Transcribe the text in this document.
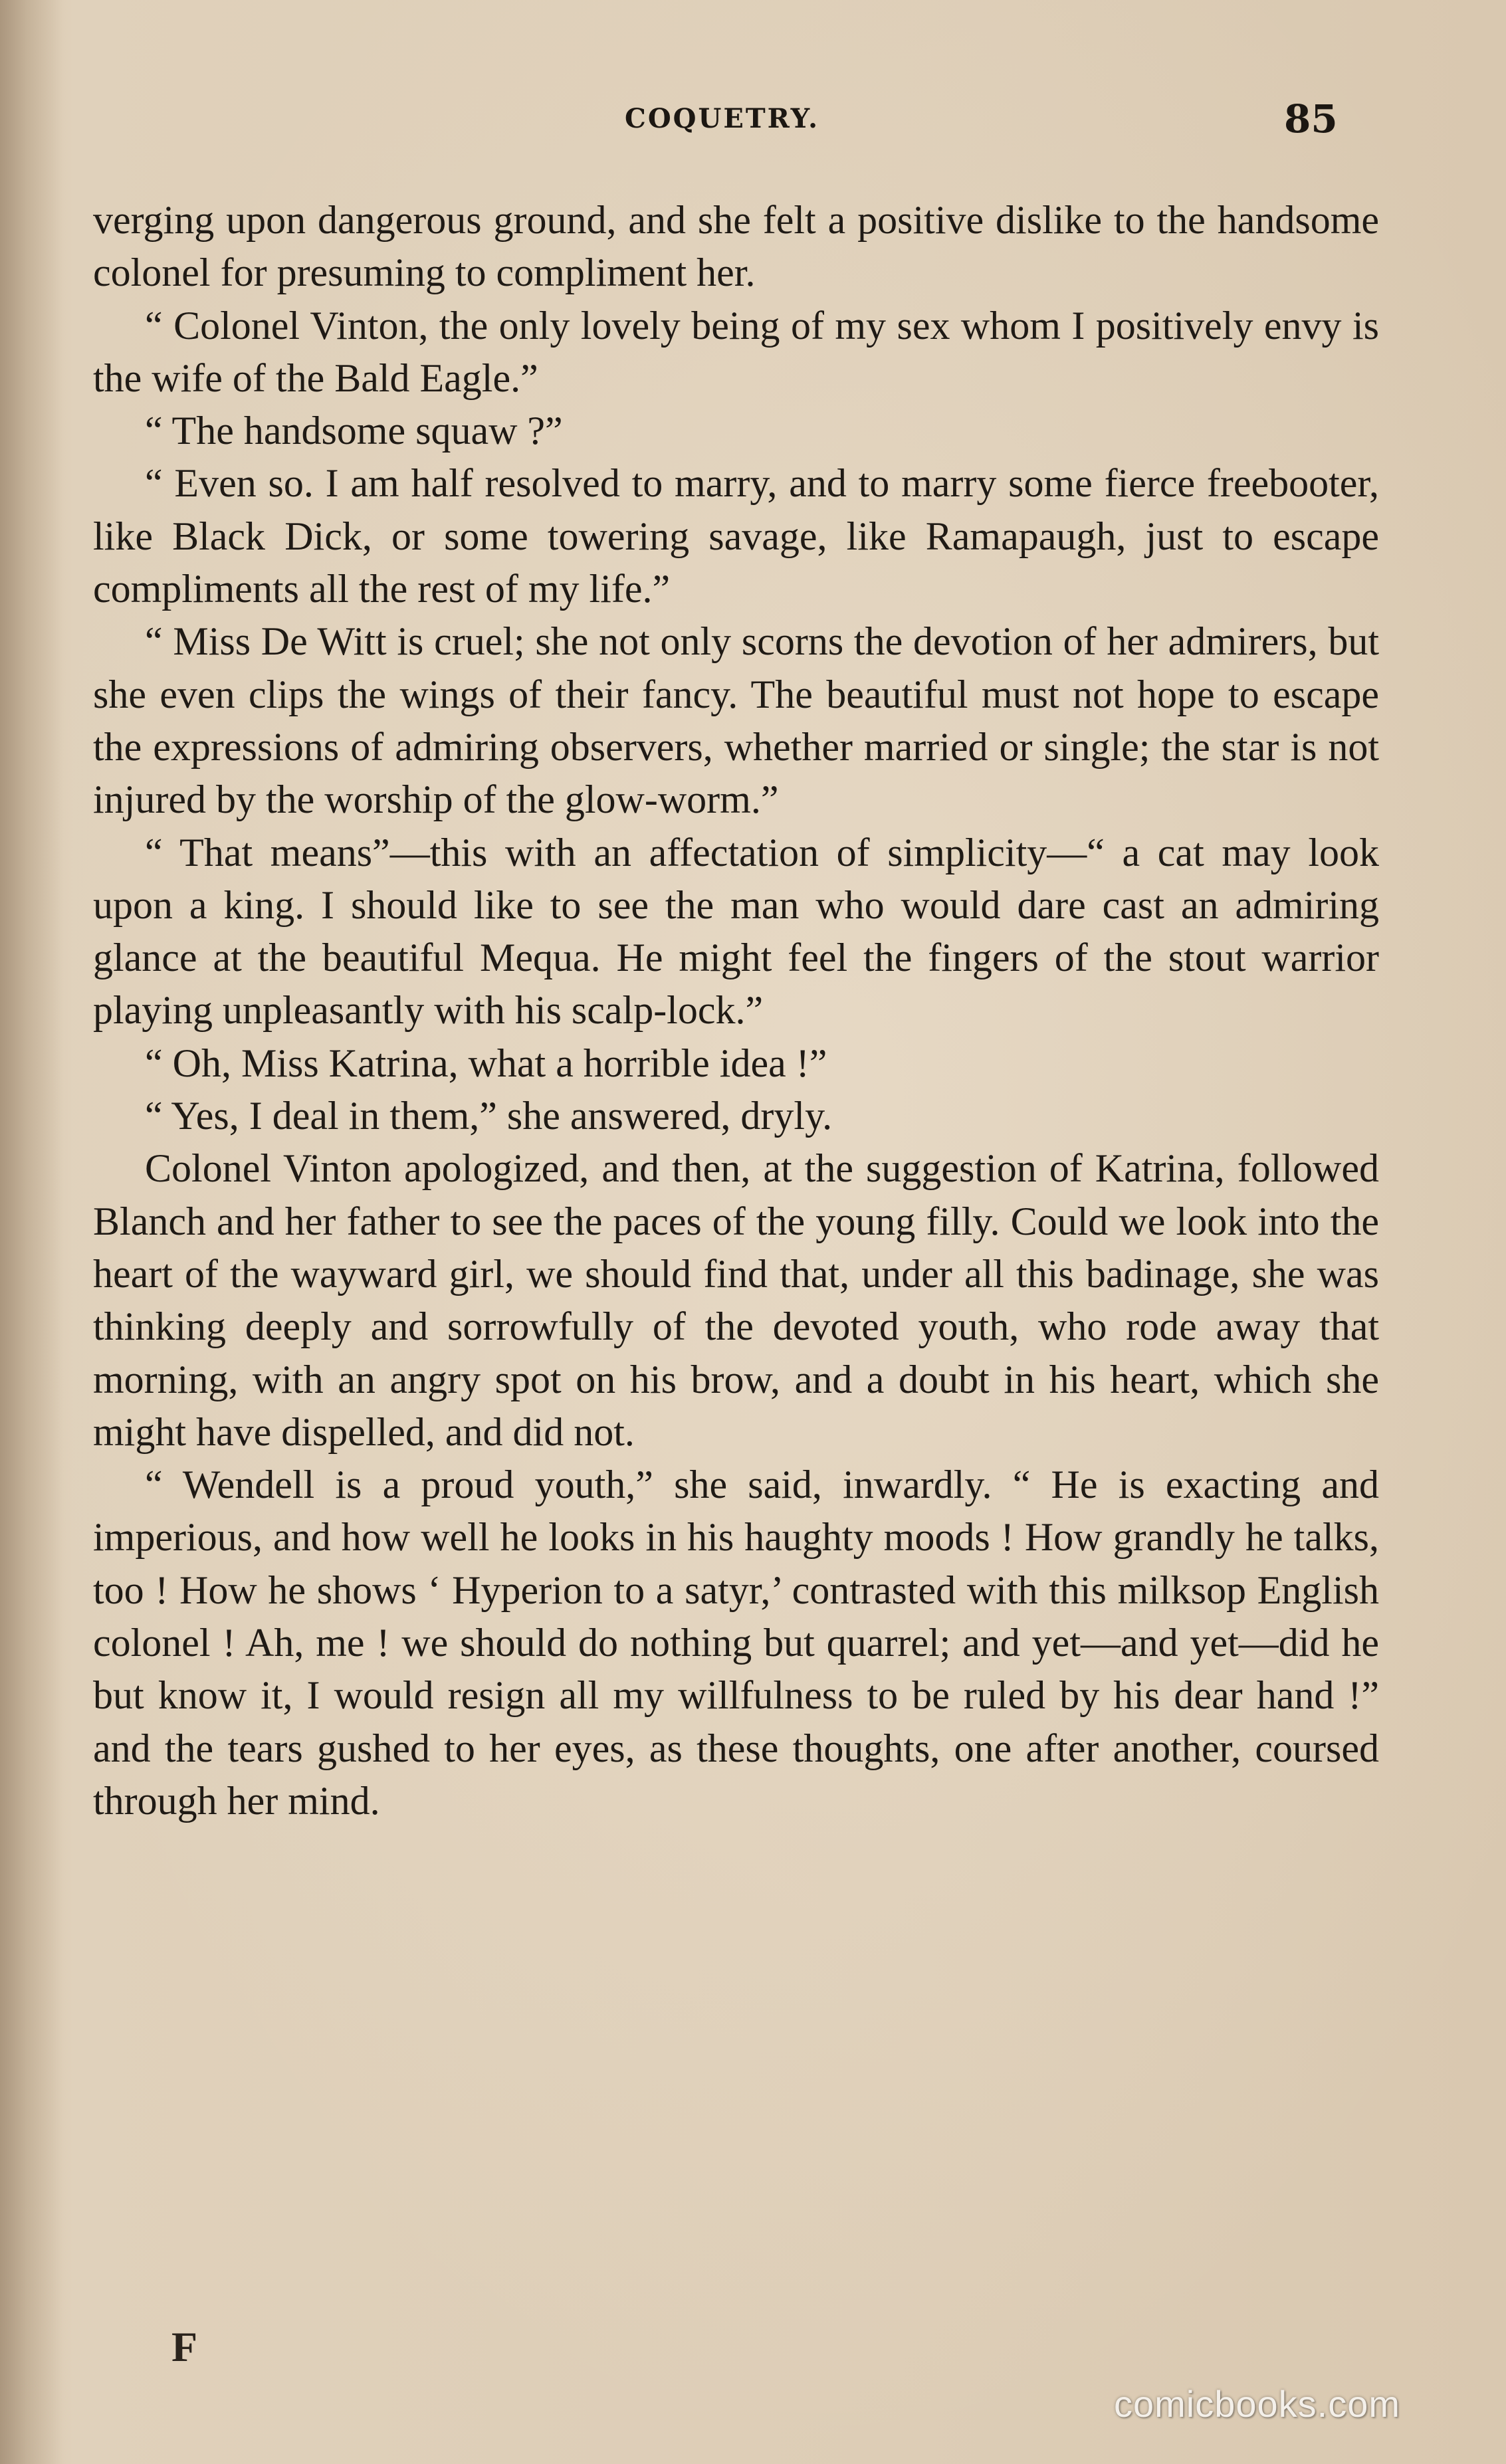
COQUETRY.	85

verging upon dangerous ground, and she felt a positive dislike to the handsome colonel for presuming to compliment her.

“ Colonel Vinton, the only lovely being of my sex whom I positively envy is the wife of the Bald Eagle.”

“ The handsome squaw ?”

“ Even so. I am half resolved to marry, and to marry some fierce freebooter, like Black Dick, or some towering savage, like Ramapaugh, just to escape compliments all the rest of my life.”

“ Miss De Witt is cruel; she not only scorns the devotion of her admirers, but she even clips the wings of their fancy. The beautiful must not hope to escape the expressions of admiring observers, whether married or single; the star is not injured by the worship of the glow-worm.”

“ That means”—this with an affectation of simplicity—“ a cat may look upon a king. I should like to see the man who would dare cast an admiring glance at the beautiful Mequa. He might feel the fingers of the stout warrior playing unpleasantly with his scalp-lock.”

“ Oh, Miss Katrina, what a horrible idea !”

“ Yes, I deal in them,” she answered, dryly.

Colonel Vinton apologized, and then, at the suggestion of Katrina, followed Blanch and her father to see the paces of the young filly. Could we look into the heart of the wayward girl, we should find that, under all this badinage, she was thinking deeply and sorrowfully of the devoted youth, who rode away that morning, with an angry spot on his brow, and a doubt in his heart, which she might have dispelled, and did not.

“ Wendell is a proud youth,” she said, inwardly. “ He is exacting and imperious, and how well he looks in his haughty moods ! How grandly he talks, too ! How he shows ‘ Hyperion to a satyr,’ contrasted with this milksop English colonel ! Ah, me ! we should do nothing but quarrel; and yet—and yet—did he but know it, I would resign all my willfulness to be ruled by his dear hand !” and the tears gushed to her eyes, as these thoughts, one after another, coursed through her mind.

F
comicbooks.com
